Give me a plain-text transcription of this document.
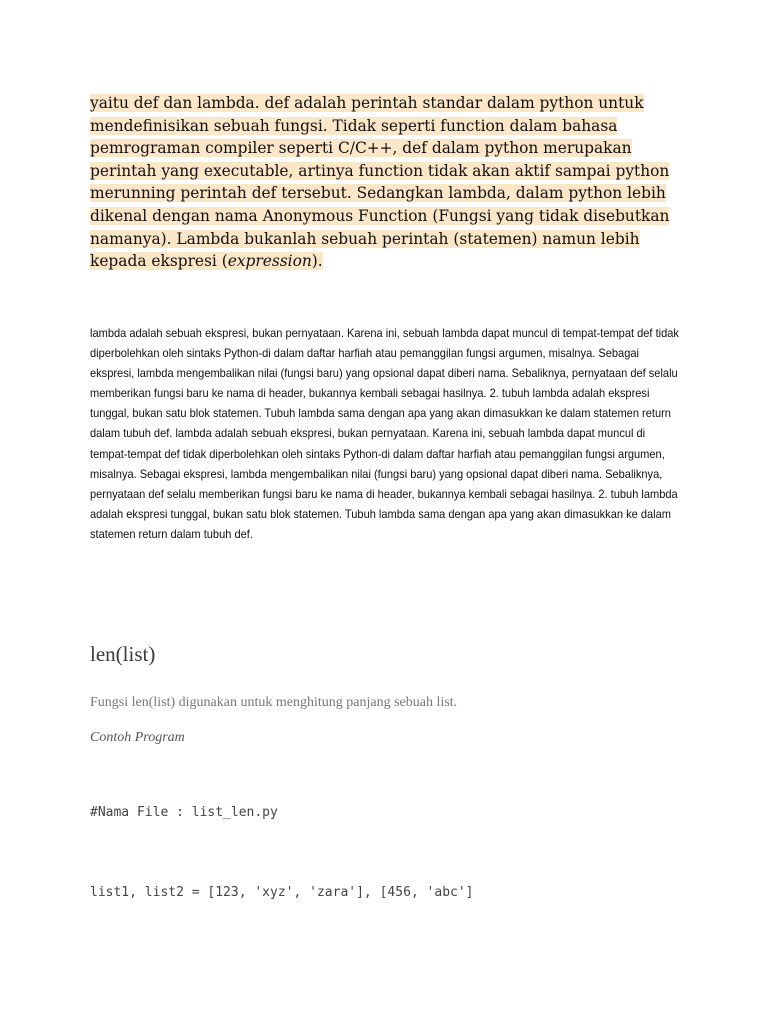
yaitu def dan lambda. def adalah perintah standar dalam python untuk mendefinisikan sebuah fungsi. Tidak seperti function dalam bahasa pemrograman compiler seperti C/C++, def dalam python merupakan perintah yang executable, artinya function tidak akan aktif sampai python merunning perintah def tersebut. Sedangkan lambda, dalam python lebih dikenal dengan nama Anonymous Function (Fungsi yang tidak disebutkan namanya). Lambda bukanlah sebuah perintah (statemen) namun lebih kepada ekspresi (expression).

lambda adalah sebuah ekspresi, bukan pernyataan. Karena ini, sebuah lambda dapat muncul di tempat-tempat def tidak diperbolehkan oleh sintaks Python-di dalam daftar harfiah atau pemanggilan fungsi argumen, misalnya. Sebagai ekspresi, lambda mengembalikan nilai (fungsi baru) yang opsional dapat diberi nama. Sebaliknya, pernyataan def selalu memberikan fungsi baru ke nama di header, bukannya kembali sebagai hasilnya. 2. tubuh lambda adalah ekspresi tunggal, bukan satu blok statemen. Tubuh lambda sama dengan apa yang akan dimasukkan ke dalam statemen return dalam tubuh def. lambda adalah sebuah ekspresi, bukan pernyataan. Karena ini, sebuah lambda dapat muncul di tempat-tempat def tidak diperbolehkan oleh sintaks Python-di dalam daftar harfiah atau pemanggilan fungsi argumen, misalnya. Sebagai ekspresi, lambda mengembalikan nilai (fungsi baru) yang opsional dapat diberi nama. Sebaliknya, pernyataan def selalu memberikan fungsi baru ke nama di header, bukannya kembali sebagai hasilnya. 2. tubuh lambda adalah ekspresi tunggal, bukan satu blok statemen. Tubuh lambda sama dengan apa yang akan dimasukkan ke dalam statemen return dalam tubuh def.

len(list)

Fungsi len(list) digunakan untuk menghitung panjang sebuah list.

Contoh Program

#Nama File : list_len.py

list1, list2 = [123, 'xyz', 'zara'], [456, 'abc']
